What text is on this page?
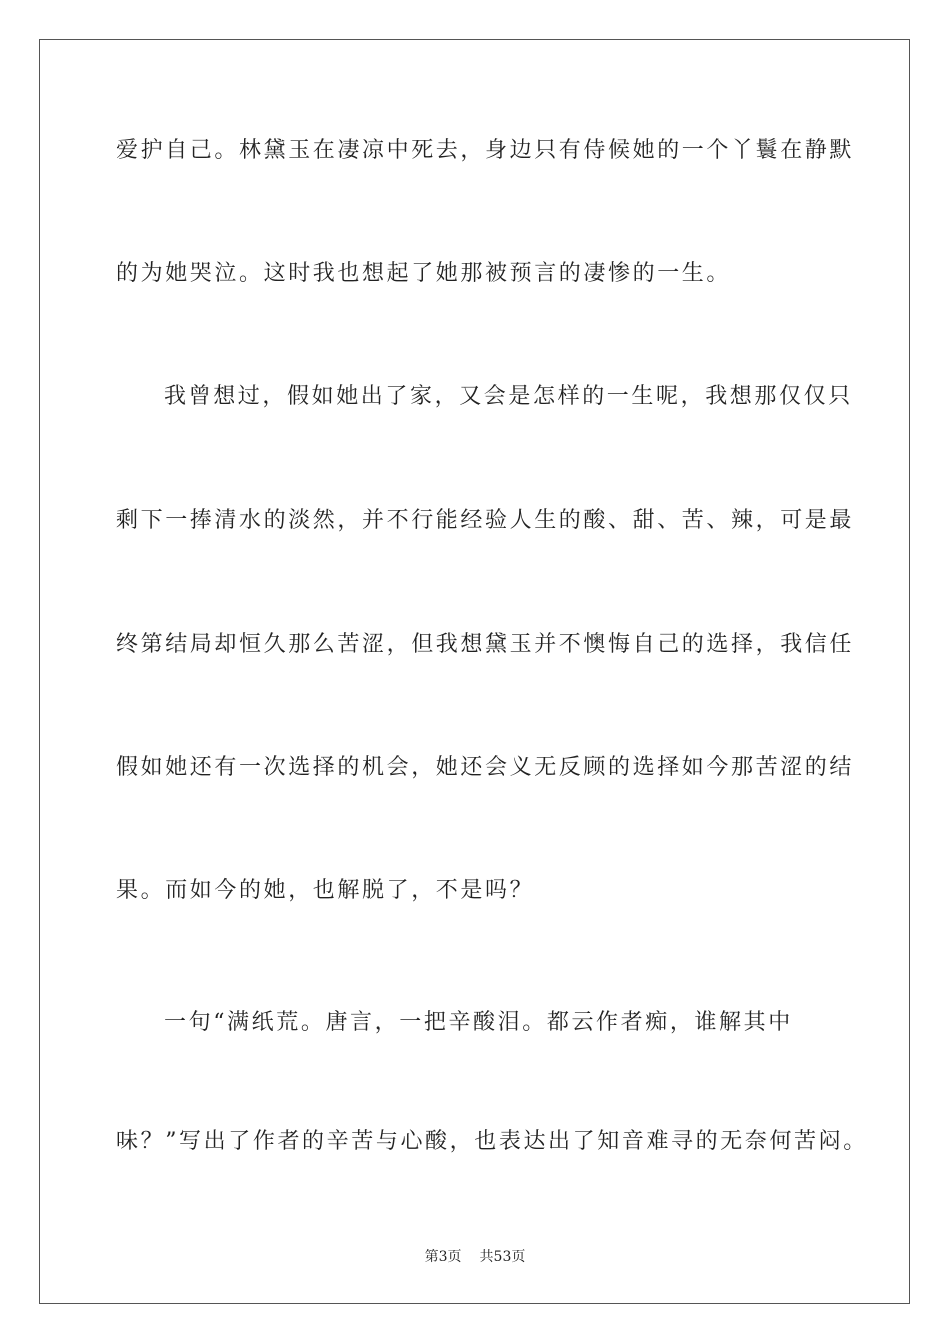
爱护自己。林黛玉在凄凉中死去，身边只有侍候她的一个丫鬟在静默
的为她哭泣。这时我也想起了她那被预言的凄惨的一生。
我曾想过，假如她出了家，又会是怎样的一生呢，我想那仅仅只
剩下一捧清水的淡然，并不行能经验人生的酸、甜、苦、辣，可是最
终第结局却恒久那么苦涩，但我想黛玉并不懊悔自己的选择，我信任
假如她还有一次选择的机会，她还会义无反顾的选择如今那苦涩的结
果。而如今的她，也解脱了，不是吗？
一句“满纸荒。唐言，一把辛酸泪。都云作者痴，谁解其中
味？”写出了作者的辛苦与心酸，也表达出了知音难寻的无奈何苦闷。
第3页 共53页
